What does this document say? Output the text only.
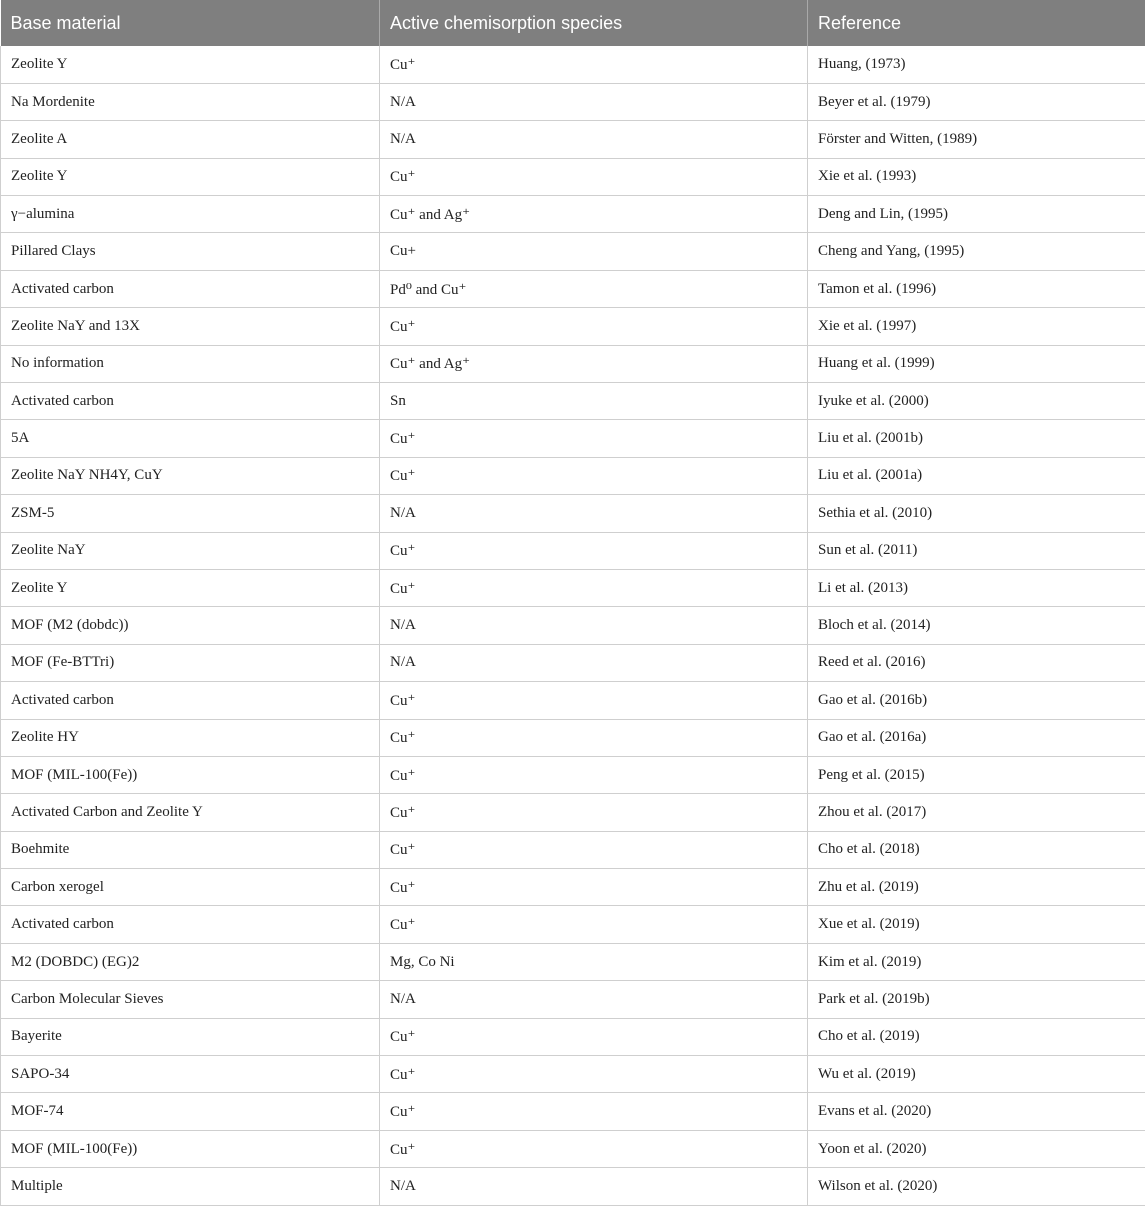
Base material	Active chemisorption species	Reference
Zeolite Y	Cu⁺	Huang, (1973)
Na Mordenite	N/A	Beyer et al. (1979)
Zeolite A	N/A	Förster and Witten, (1989)
Zeolite Y	Cu⁺	Xie et al. (1993)
γ−alumina	Cu⁺ and Ag⁺	Deng and Lin, (1995)
Pillared Clays	Cu+	Cheng and Yang, (1995)
Activated carbon	Pd⁰ and Cu⁺	Tamon et al. (1996)
Zeolite NaY and 13X	Cu⁺	Xie et al. (1997)
No information	Cu⁺ and Ag⁺	Huang et al. (1999)
Activated carbon	Sn	Iyuke et al. (2000)
5A	Cu⁺	Liu et al. (2001b)
Zeolite NaY NH4Y, CuY	Cu⁺	Liu et al. (2001a)
ZSM-5	N/A	Sethia et al. (2010)
Zeolite NaY	Cu⁺	Sun et al. (2011)
Zeolite Y	Cu⁺	Li et al. (2013)
MOF (M2 (dobdc))	N/A	Bloch et al. (2014)
MOF (Fe-BTTri)	N/A	Reed et al. (2016)
Activated carbon	Cu⁺	Gao et al. (2016b)
Zeolite HY	Cu⁺	Gao et al. (2016a)
MOF (MIL-100(Fe))	Cu⁺	Peng et al. (2015)
Activated Carbon and Zeolite Y	Cu⁺	Zhou et al. (2017)
Boehmite	Cu⁺	Cho et al. (2018)
Carbon xerogel	Cu⁺	Zhu et al. (2019)
Activated carbon	Cu⁺	Xue et al. (2019)
M2 (DOBDC) (EG)2	Mg, Co Ni	Kim et al. (2019)
Carbon Molecular Sieves	N/A	Park et al. (2019b)
Bayerite	Cu⁺	Cho et al. (2019)
SAPO-34	Cu⁺	Wu et al. (2019)
MOF-74	Cu⁺	Evans et al. (2020)
MOF (MIL-100(Fe))	Cu⁺	Yoon et al. (2020)
Multiple	N/A	Wilson et al. (2020)
